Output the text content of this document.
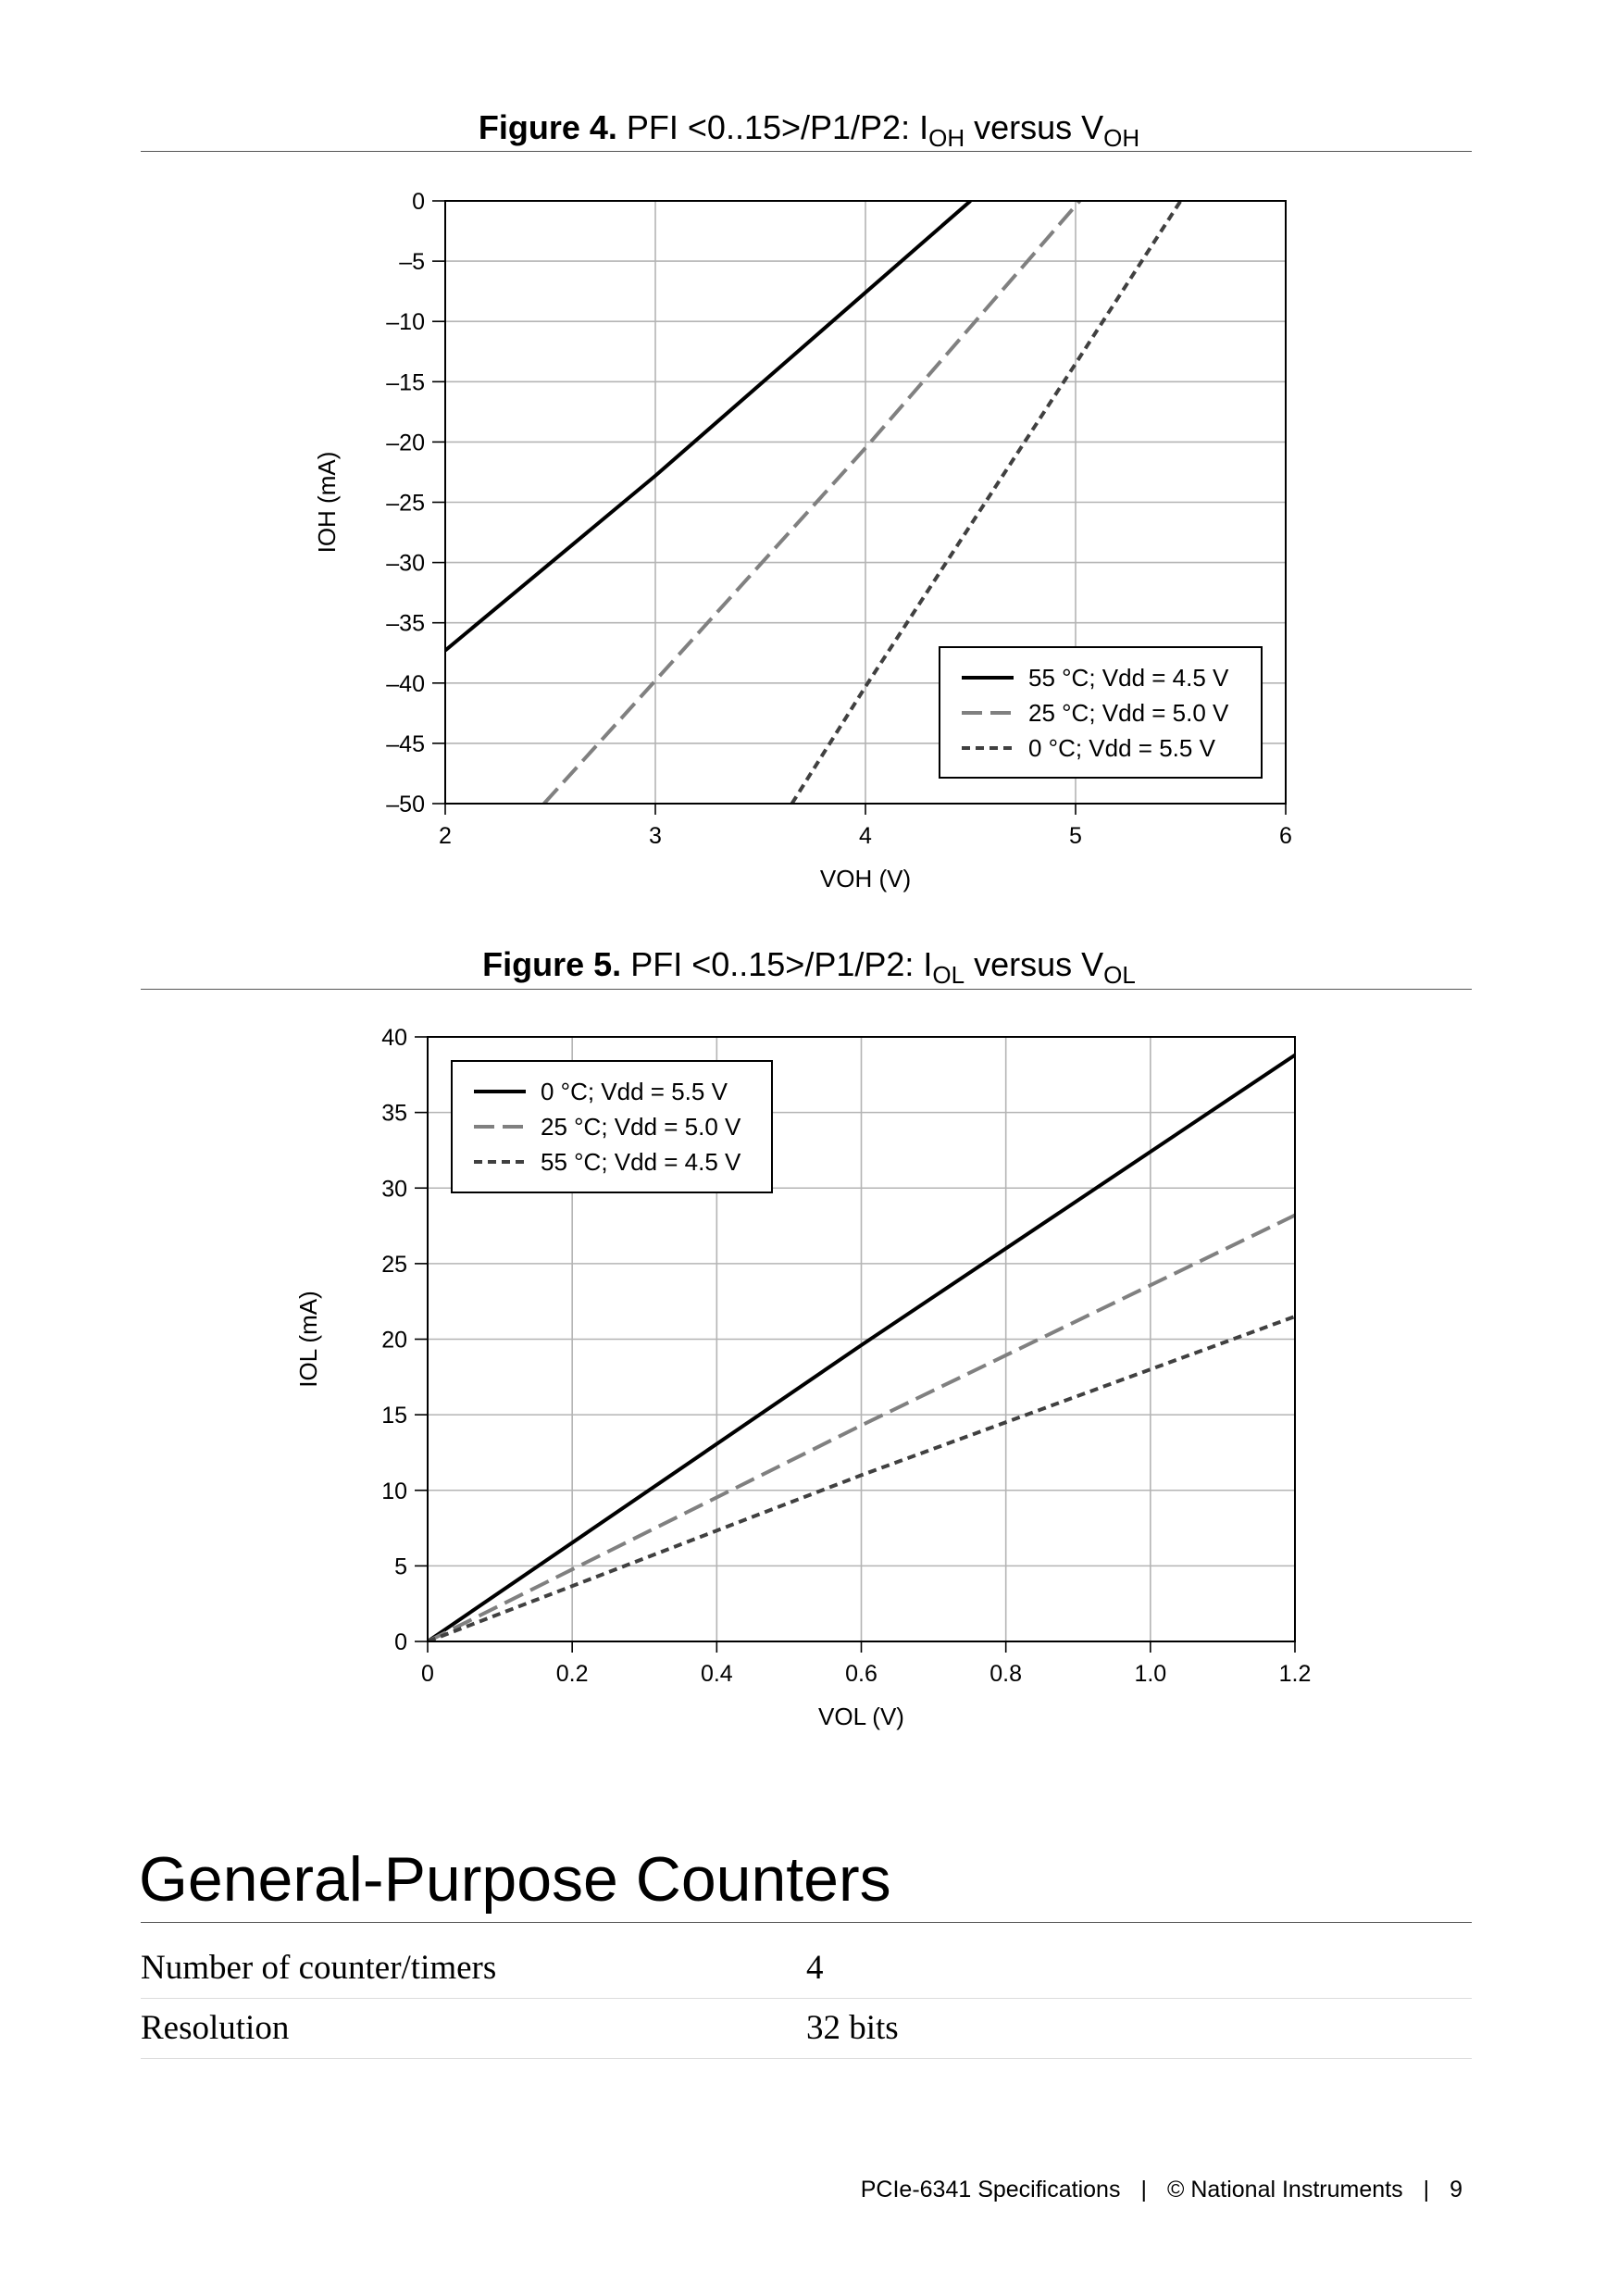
Figure 4. PFI <0..15>/P1/P2: $I_{OH}$ versus $V_{OH}$
0
–5
–10
–15
–20
–25
–30
–35
–40
–45
–50
2	3	4	5	6
VOH (V)
IOH (mA)
55 °C; Vdd = 4.5 V
25 °C; Vdd = 5.0 V
0 °C; Vdd = 5.5 V
Figure 5. PFI <0..15>/P1/P2: $I_{OL}$ versus $V_{OL}$
0
5
10
15
20
25
30
35
40
0	0.2	0.4	0.6	0.8	1.0	1.2
VOL (V)
IOL (mA)
0 °C; Vdd = 5.5 V
25 °C; Vdd = 5.0 V
55 °C; Vdd = 4.5 V
General-Purpose Counters
Number of counter/timers	4
Resolution	32 bits
PCIe-6341 Specifications | © National Instruments | 9
